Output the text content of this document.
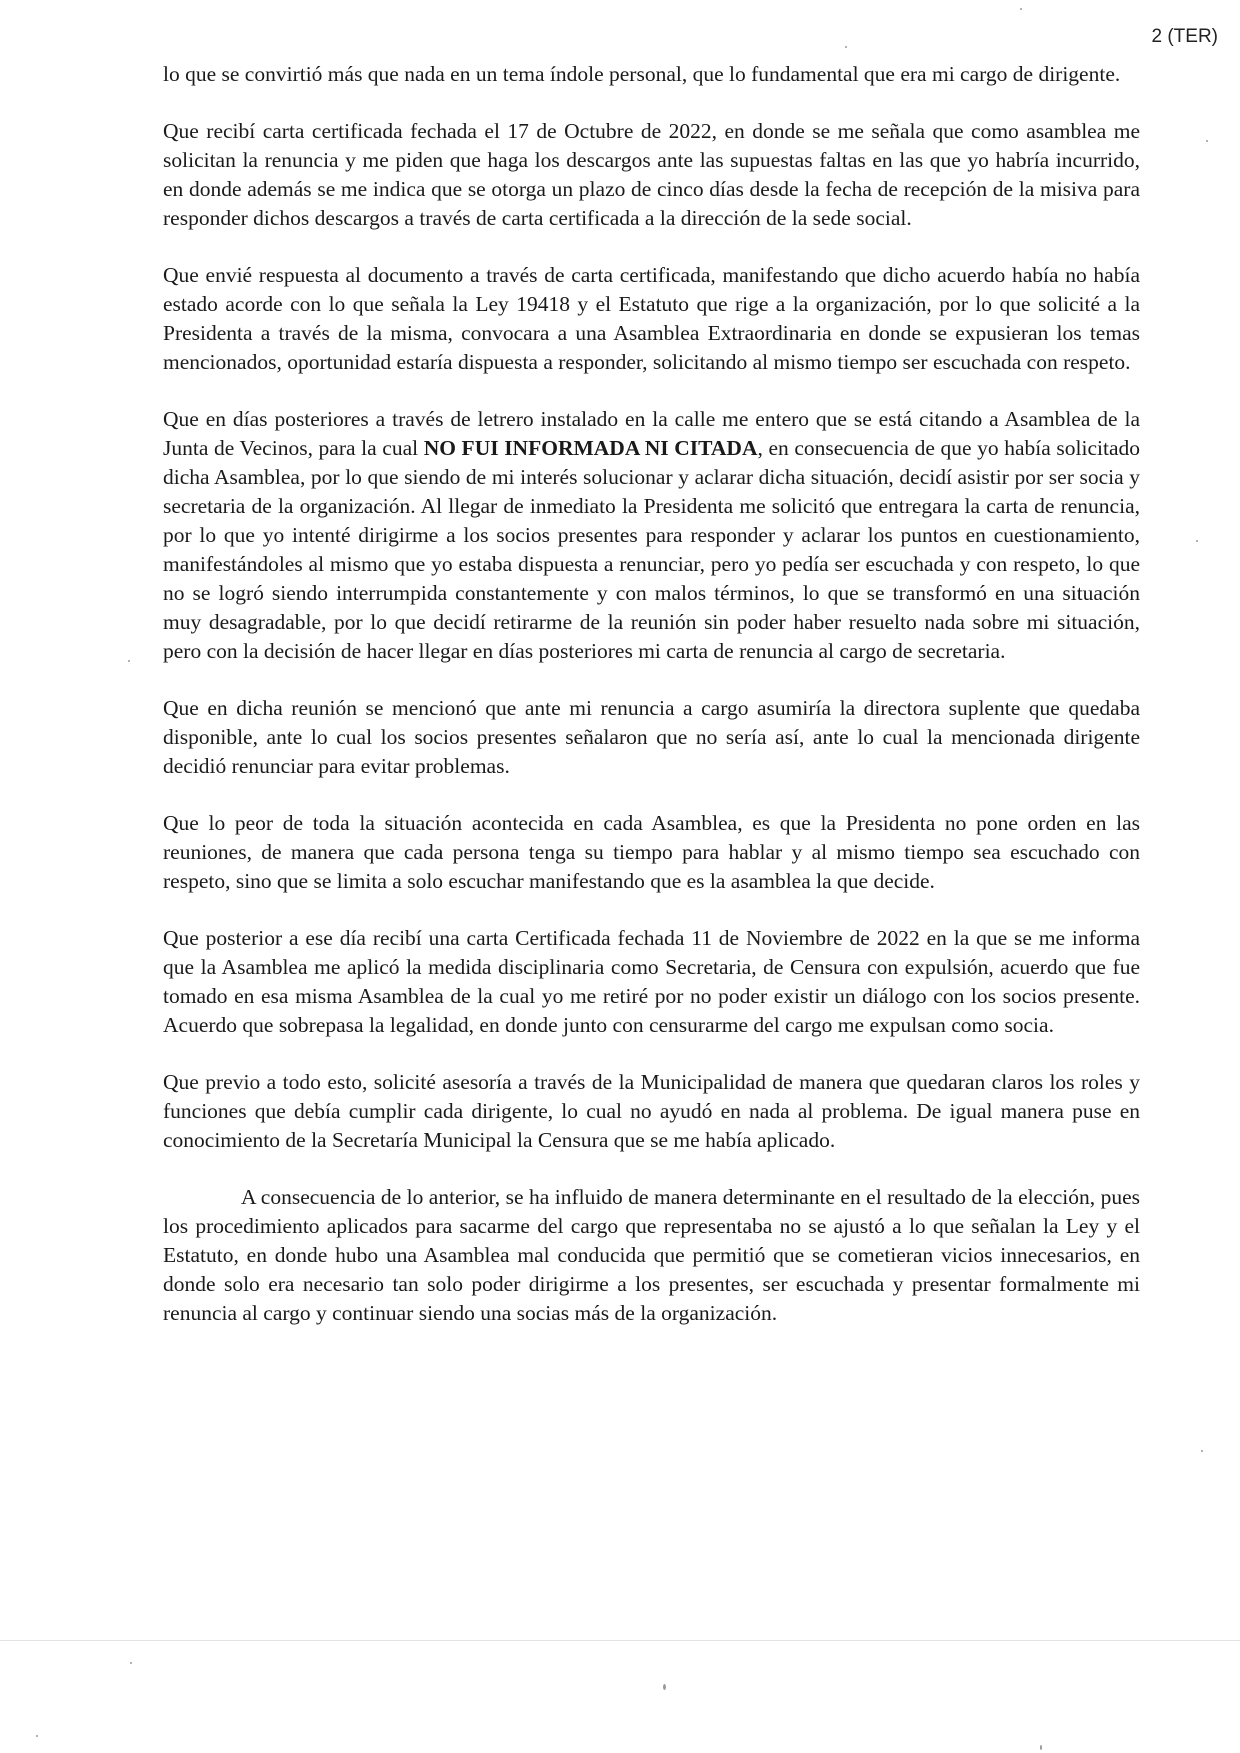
2 (TER)

lo que se convirtió más que nada en un tema índole personal, que lo fundamental que era mi cargo de dirigente.

Que recibí carta certificada fechada el 17 de Octubre de 2022, en donde se me señala que como asamblea me solicitan la renuncia y me piden que haga los descargos ante las supuestas faltas en las que yo habría incurrido, en donde además se me indica que se otorga un plazo de cinco días desde la fecha de recepción de la misiva para responder dichos descargos a través de carta certificada a la dirección de la sede social.

Que envié respuesta al documento a través de carta certificada, manifestando que dicho acuerdo había no había estado acorde con lo que señala la Ley 19418 y el Estatuto que rige a la organización, por lo que solicité a la Presidenta a través de la misma, convocara a una Asamblea Extraordinaria en donde se expusieran los temas mencionados, oportunidad estaría dispuesta a responder, solicitando al mismo tiempo ser escuchada con respeto.

Que en días posteriores a través de letrero instalado en la calle me entero que se está citando a Asamblea de la Junta de Vecinos, para la cual NO FUI INFORMADA NI CITADA, en consecuencia de que yo había solicitado dicha Asamblea, por lo que siendo de mi interés solucionar y aclarar dicha situación, decidí asistir por ser socia y secretaria de la organización. Al llegar de inmediato la Presidenta me solicitó que entregara la carta de renuncia, por lo que yo intenté dirigirme a los socios presentes para responder y aclarar los puntos en cuestionamiento, manifestándoles al mismo que yo estaba dispuesta a renunciar, pero yo pedía ser escuchada y con respeto, lo que no se logró siendo interrumpida constantemente y con malos términos, lo que se transformó en una situación muy desagradable, por lo que decidí retirarme de la reunión sin poder haber resuelto nada sobre mi situación, pero con la decisión de hacer llegar en días posteriores mi carta de renuncia al cargo de secretaria.

Que en dicha reunión se mencionó que ante mi renuncia a cargo asumiría la directora suplente que quedaba disponible, ante lo cual los socios presentes señalaron que no sería así, ante lo cual la mencionada dirigente decidió renunciar para evitar problemas.

Que lo peor de toda la situación acontecida en cada Asamblea, es que la Presidenta no pone orden en las reuniones, de manera que cada persona tenga su tiempo para hablar y al mismo tiempo sea escuchado con respeto, sino que se limita a solo escuchar manifestando que es la asamblea la que decide.

Que posterior a ese día recibí una carta Certificada fechada 11 de Noviembre de 2022 en la que se me informa que la Asamblea me aplicó la medida disciplinaria como Secretaria, de Censura con expulsión, acuerdo que fue tomado en esa misma Asamblea de la cual yo me retiré por no poder existir un diálogo con los socios presente. Acuerdo que sobrepasa la legalidad, en donde junto con censurarme del cargo me expulsan como socia.

Que previo a todo esto, solicité asesoría a través de la Municipalidad de manera que quedaran claros los roles y funciones que debía cumplir cada dirigente, lo cual no ayudó en nada al problema. De igual manera puse en conocimiento de la Secretaría Municipal la Censura que se me había aplicado.

A consecuencia de lo anterior, se ha influido de manera determinante en el resultado de la elección, pues los procedimiento aplicados para sacarme del cargo que representaba no se ajustó a lo que señalan la Ley y el Estatuto, en donde hubo una Asamblea mal conducida que permitió que se cometieran vicios innecesarios, en donde solo era necesario tan solo poder dirigirme a los presentes, ser escuchada y presentar formalmente mi renuncia al cargo y continuar siendo una socias más de la organización.
